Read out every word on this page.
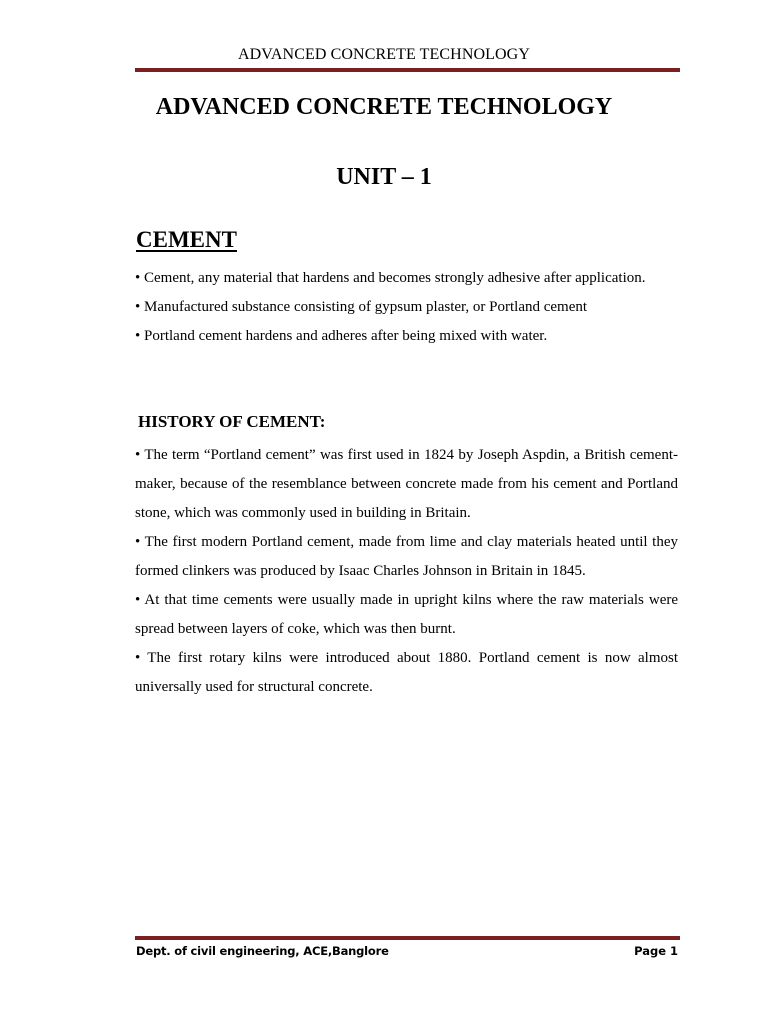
ADVANCED CONCRETE TECHNOLOGY
ADVANCED CONCRETE TECHNOLOGY
UNIT – 1
CEMENT

• Cement, any material that hardens and becomes strongly adhesive after application.

• Manufactured substance consisting of gypsum plaster, or Portland cement

• Portland cement hardens and adheres after being mixed with water.

HISTORY OF CEMENT:

• The term “Portland cement” was first used in 1824 by Joseph Aspdin, a British cement-maker, because of the resemblance between concrete made from his cement and Portland stone, which was commonly used in building in Britain.

• The first modern Portland cement, made from lime and clay materials heated until they formed clinkers was produced by Isaac Charles Johnson in Britain in 1845.

• At that time cements were usually made in upright kilns where the raw materials were spread between layers of coke, which was then burnt.

• The first rotary kilns were introduced about 1880. Portland cement is now almost universally used for structural concrete.

Dept. of civil engineering, ACE,Banglore	Page 1
